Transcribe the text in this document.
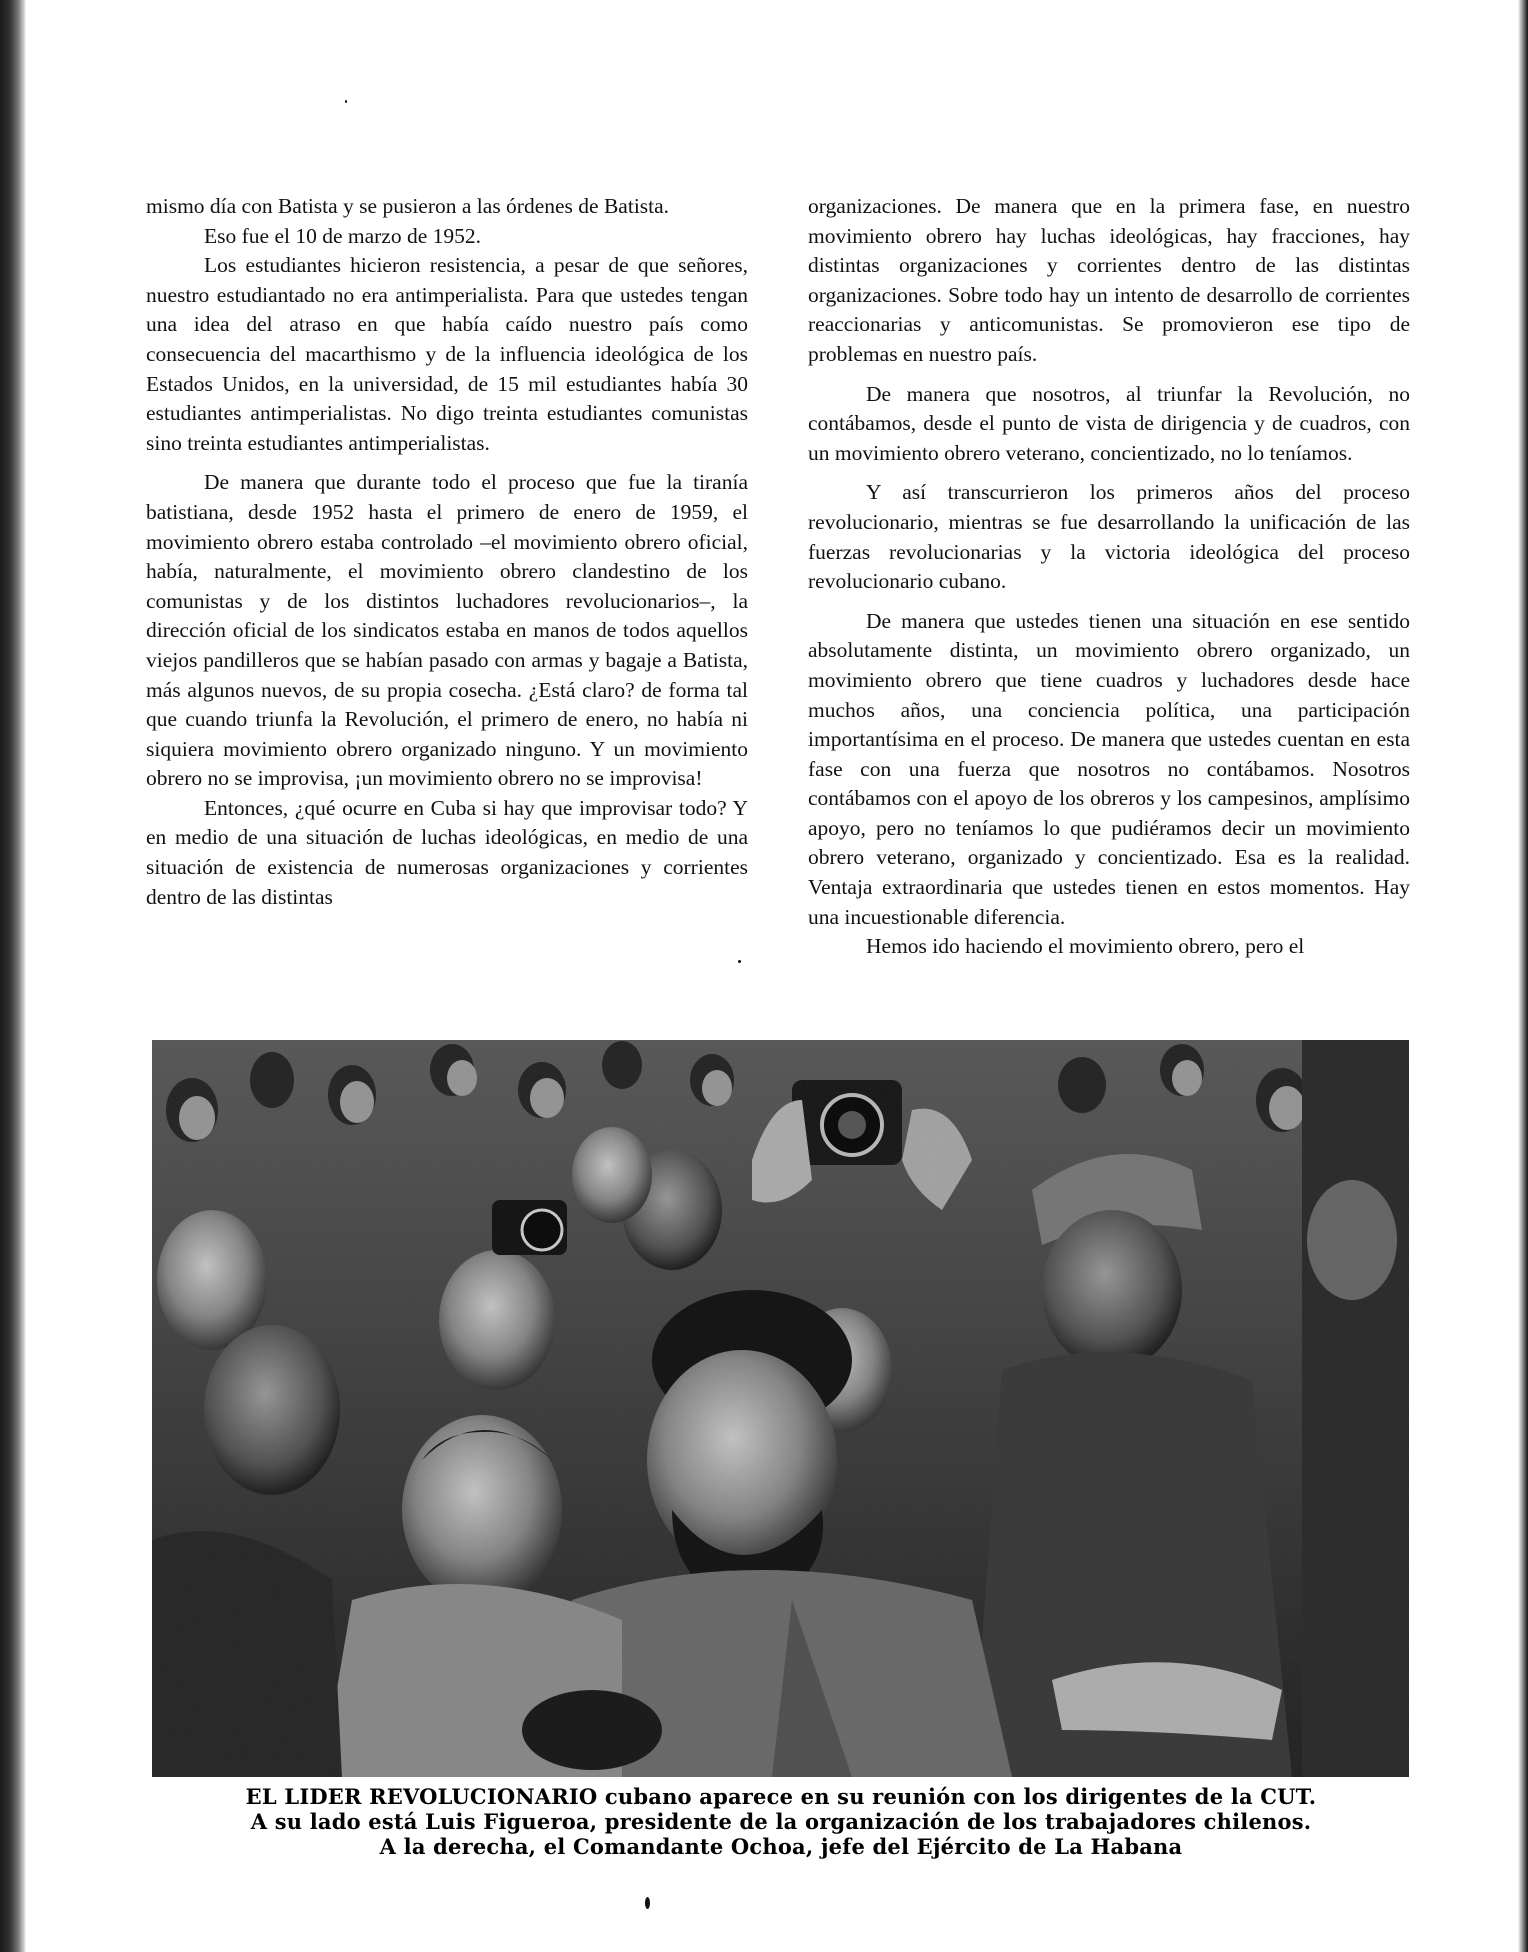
mismo día con Batista y se pusieron a las órdenes de Batista.

Eso fue el 10 de marzo de 1952.

Los estudiantes hicieron resistencia, a pesar de que señores, nuestro estudiantado no era antimperialista. Para que ustedes tengan una idea del atraso en que había caído nuestro país como consecuencia del macarthismo y de la influencia ideológica de los Estados Unidos, en la universidad, de 15 mil estudiantes había 30 estudiantes antimperialistas. No digo treinta estudiantes comunistas sino treinta estudiantes antimperialistas.

De manera que durante todo el proceso que fue la tiranía batistiana, desde 1952 hasta el primero de enero de 1959, el movimiento obrero estaba controlado –el movimiento obrero oficial, había, naturalmente, el movimiento obrero clandestino de los comunistas y de los distintos luchadores revolucionarios–, la dirección oficial de los sindicatos estaba en manos de todos aquellos viejos pandilleros que se habían pasado con armas y bagaje a Batista, más algunos nuevos, de su propia cosecha. ¿Está claro? de forma tal que cuando triunfa la Revolución, el primero de enero, no había ni siquiera movimiento obrero organizado ninguno. Y un movimiento obrero no se improvisa, ¡un movimiento obrero no se improvisa!

Entonces, ¿qué ocurre en Cuba si hay que improvisar todo? Y en medio de una situación de luchas ideológicas, en medio de una situación de existencia de numerosas organizaciones y corrientes dentro de las distintas

organizaciones. De manera que en la primera fase, en nuestro movimiento obrero hay luchas ideológicas, hay fracciones, hay distintas organizaciones y corrientes dentro de las distintas organizaciones. Sobre todo hay un intento de desarrollo de corrientes reaccionarias y anticomunistas. Se promovieron ese tipo de problemas en nuestro país.

De manera que nosotros, al triunfar la Revolución, no contábamos, desde el punto de vista de dirigencia y de cuadros, con un movimiento obrero veterano, concientizado, no lo teníamos.

Y así transcurrieron los primeros años del proceso revolucionario, mientras se fue desarrollando la unificación de las fuerzas revolucionarias y la victoria ideológica del proceso revolucionario cubano.

De manera que ustedes tienen una situación en ese sentido absolutamente distinta, un movimiento obrero organizado, un movimiento obrero que tiene cuadros y luchadores desde hace muchos años, una conciencia política, una participación importantísima en el proceso. De manera que ustedes cuentan en esta fase con una fuerza que nosotros no contábamos. Nosotros contábamos con el apoyo de los obreros y los campesinos, amplísimo apoyo, pero no teníamos lo que pudiéramos decir un movimiento obrero veterano, organizado y concientizado. Esa es la realidad. Ventaja extraordinaria que ustedes tienen en estos momentos. Hay una incuestionable diferencia.

Hemos ido haciendo el movimiento obrero, pero el

EL LIDER REVOLUCIONARIO cubano aparece en su reunión con los dirigentes de la CUT.
A su lado está Luis Figueroa, presidente de la organización de los trabajadores chilenos.
A la derecha, el Comandante Ochoa, jefe del Ejército de La Habana
